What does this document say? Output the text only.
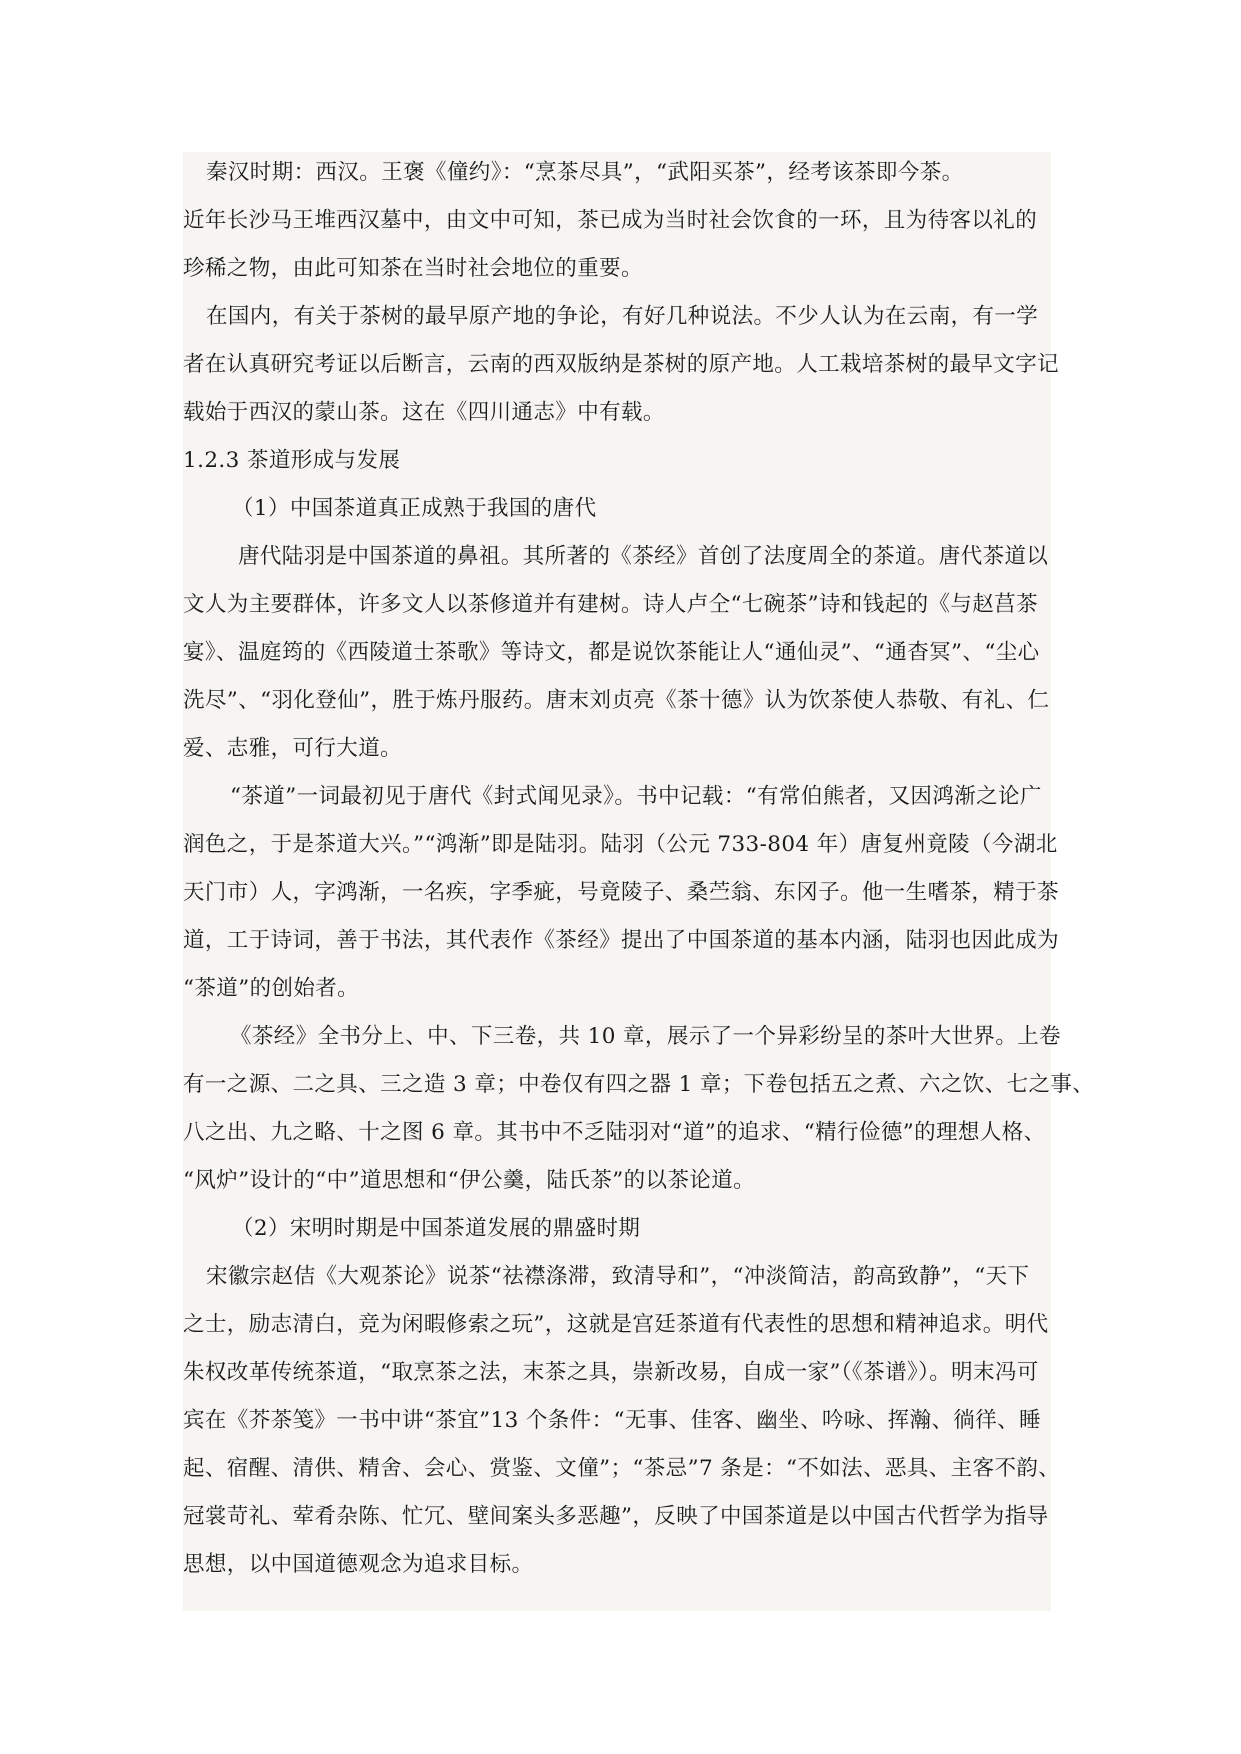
秦汉时期：西汉。王褒《僮约》：“烹茶尽具”，“武阳买茶”，经考该茶即今茶。
近年长沙马王堆西汉墓中，由文中可知，茶已成为当时社会饮食的一环，且为待客以礼的
珍稀之物，由此可知茶在当时社会地位的重要。
在国内，有关于茶树的最早原产地的争论，有好几种说法。不少人认为在云南，有一学
者在认真研究考证以后断言，云南的西双版纳是茶树的原产地。人工栽培茶树的最早文字记
载始于西汉的蒙山茶。这在《四川通志》中有载。
1.2.3 茶道形成与发展
（1）中国茶道真正成熟于我国的唐代
唐代陆羽是中国茶道的鼻祖。其所著的《茶经》首创了法度周全的茶道。唐代茶道以
文人为主要群体，许多文人以茶修道并有建树。诗人卢仝“七碗茶”诗和钱起的《与赵莒茶
宴》、温庭筠的《西陵道士茶歌》等诗文，都是说饮茶能让人“通仙灵”、“通杳冥”、“尘心
洗尽”、“羽化登仙”，胜于炼丹服药。唐末刘贞亮《茶十德》认为饮茶使人恭敬、有礼、仁
爱、志雅，可行大道。
“茶道”一词最初见于唐代《封式闻见录》。书中记载：“有常伯熊者，又因鸿渐之论广
润色之，于是茶道大兴。”“鸿渐”即是陆羽。陆羽（公元 733-804 年）唐复州竟陵（今湖北
天门市）人，字鸿渐，一名疾，字季疵，号竟陵子、桑苎翁、东冈子。他一生嗜茶，精于茶
道，工于诗词，善于书法，其代表作《茶经》提出了中国茶道的基本内涵，陆羽也因此成为
“茶道”的创始者。
《茶经》全书分上、中、下三卷，共 10 章，展示了一个异彩纷呈的茶叶大世界。上卷
有一之源、二之具、三之造 3 章；中卷仅有四之器 1 章；下卷包括五之煮、六之饮、七之事、
八之出、九之略、十之图 6 章。其书中不乏陆羽对“道”的追求、“精行俭德”的理想人格、
“风炉”设计的“中”道思想和“伊公羹，陆氏茶”的以茶论道。
（2）宋明时期是中国茶道发展的鼎盛时期
宋徽宗赵佶《大观茶论》说茶“祛襟涤滞，致清导和”，“冲淡简洁，韵高致静”，“天下
之士，励志清白，竞为闲暇修索之玩”，这就是宫廷茶道有代表性的思想和精神追求。明代
朱权改革传统茶道，“取烹茶之法，末茶之具，崇新改易，自成一家”（《茶谱》）。明末冯可
宾在《芥茶笺》一书中讲“茶宜”13 个条件：“无事、佳客、幽坐、吟咏、挥瀚、徜徉、睡
起、宿醒、清供、精舍、会心、赏鉴、文僮”；“茶忌”7 条是：“不如法、恶具、主客不韵、
冠裳苛礼、荤肴杂陈、忙冗、壁间案头多恶趣”，反映了中国茶道是以中国古代哲学为指导
思想，以中国道德观念为追求目标。
